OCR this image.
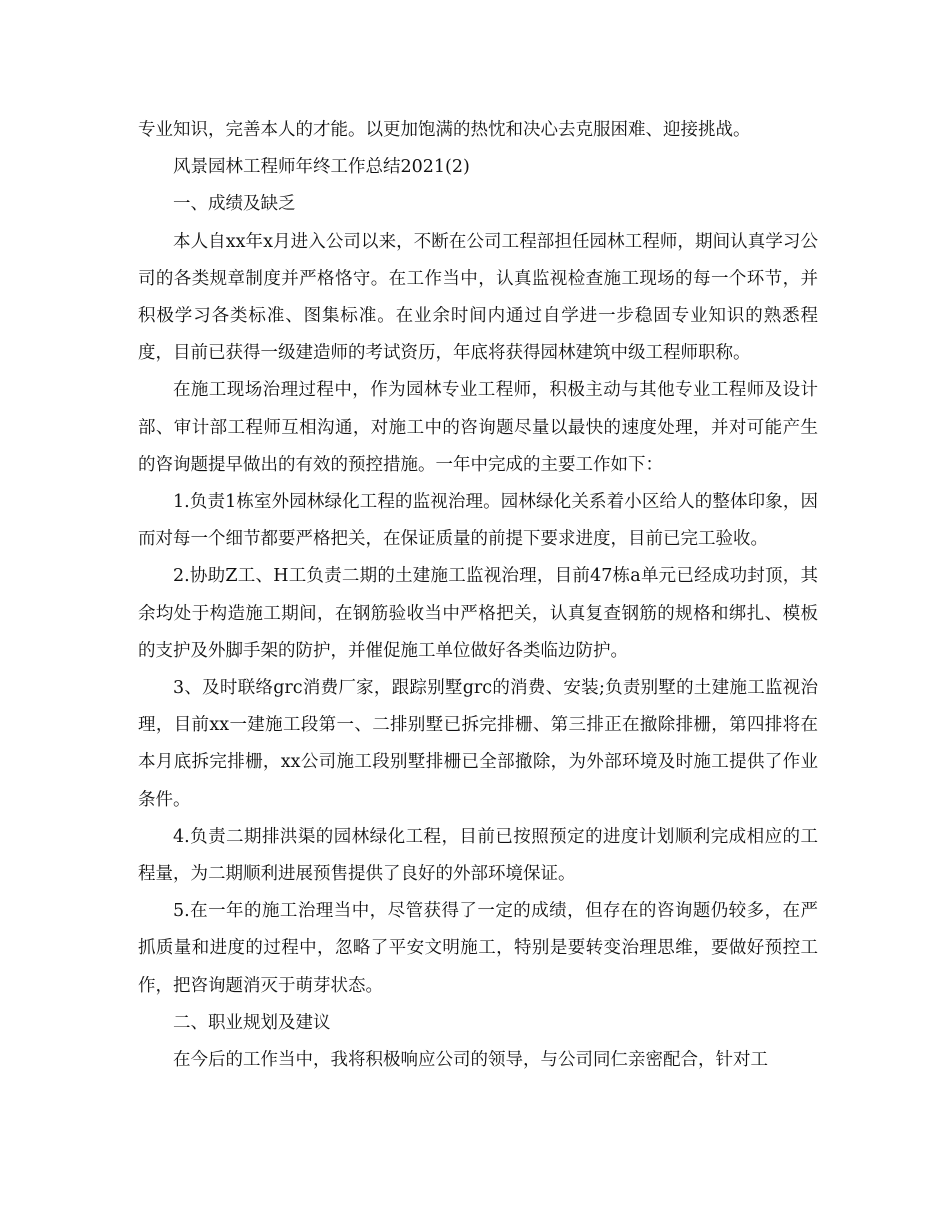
专业知识，完善本人的才能。以更加饱满的热忱和决心去克服困难、迎接挑战。

风景园林工程师年终工作总结2021(2)

一、成绩及缺乏

本人自xx年x月进入公司以来，不断在公司工程部担任园林工程师，期间认真学习公司的各类规章制度并严格恪守。在工作当中，认真监视检查施工现场的每一个环节，并积极学习各类标准、图集标准。在业余时间内通过自学进一步稳固专业知识的熟悉程度，目前已获得一级建造师的考试资历，年底将获得园林建筑中级工程师职称。

在施工现场治理过程中，作为园林专业工程师，积极主动与其他专业工程师及设计部、审计部工程师互相沟通，对施工中的咨询题尽量以最快的速度处理，并对可能产生的咨询题提早做出的有效的预控措施。一年中完成的主要工作如下：

1.负责1栋室外园林绿化工程的监视治理。园林绿化关系着小区给人的整体印象，因而对每一个细节都要严格把关，在保证质量的前提下要求进度，目前已完工验收。

2.协助Z工、H工负责二期的土建施工监视治理，目前47栋a单元已经成功封顶，其余均处于构造施工期间，在钢筋验收当中严格把关，认真复查钢筋的规格和绑扎、模板的支护及外脚手架的防护，并催促施工单位做好各类临边防护。

3、及时联络grc消费厂家，跟踪别墅grc的消费、安装;负责别墅的土建施工监视治理，目前xx一建施工段第一、二排别墅已拆完排栅、第三排正在撤除排栅，第四排将在本月底拆完排栅，xx公司施工段别墅排栅已全部撤除，为外部环境及时施工提供了作业条件。

4.负责二期排洪渠的园林绿化工程，目前已按照预定的进度计划顺利完成相应的工程量，为二期顺利进展预售提供了良好的外部环境保证。

5.在一年的施工治理当中，尽管获得了一定的成绩，但存在的咨询题仍较多，在严抓质量和进度的过程中，忽略了平安文明施工，特别是要转变治理思维，要做好预控工作，把咨询题消灭于萌芽状态。

二、职业规划及建议

在今后的工作当中，我将积极响应公司的领导，与公司同仁亲密配合，针对工
